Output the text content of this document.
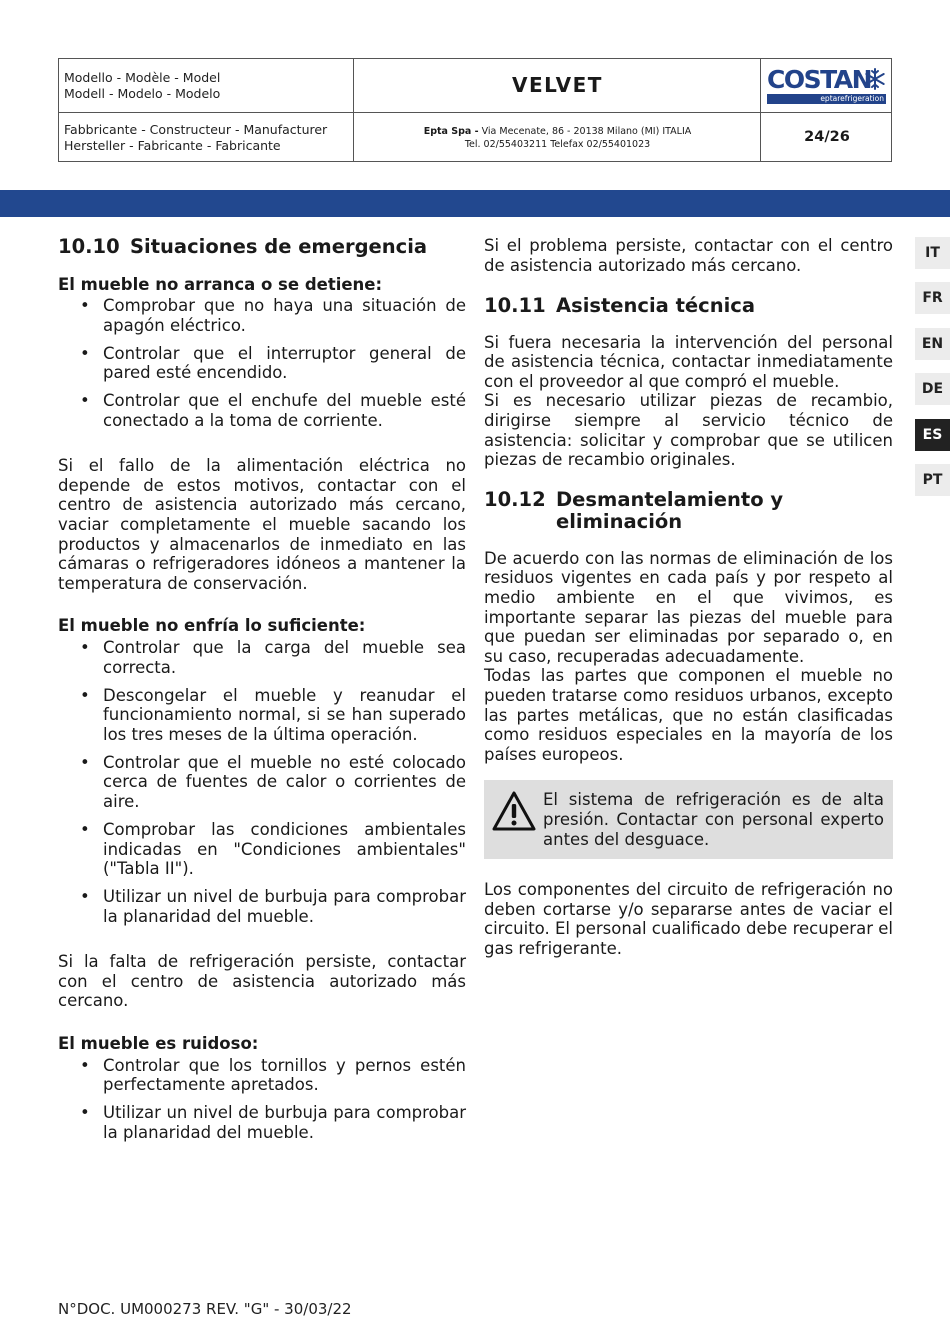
Modello - Modèle - Model
Modell - Modelo - Modelo
Fabbricante - Constructeur - Manufacturer
Hersteller - Fabricante - Fabricante
VELVET
Epta Spa - Via Mecenate, 86 - 20138 Milano (MI) ITALIA
Tel. 02/55403211 Telefax 02/55401023
COSTAN
eptarefrigeration
24/26
IT
FR
EN
DE
ES
PT
10.10 Situaciones de emergencia
El mueble no arranca o se detiene:
• Comprobar que no haya una situación de apagón eléctrico.
• Controlar que el interruptor general de pared esté encendido.
• Controlar que el enchufe del mueble esté conectado a la toma de corriente.

Si el fallo de la alimentación eléctrica no depende de estos motivos, contactar con el centro de asistencia autorizado más cercano, vaciar completamente el mueble sacando los productos y almacenarlos de inmediato en las cámaras o refrigeradores idóneos a mantener la temperatura de conservación.

El mueble no enfría lo suficiente:
• Controlar que la carga del mueble sea correcta.
• Descongelar el mueble y reanudar el funcionamiento normal, si se han superado los tres meses de la última operación.
• Controlar que el mueble no esté colocado cerca de fuentes de calor o corrientes de aire.
• Comprobar las condiciones ambientales indicadas en "Condiciones ambientales" ("Tabla II").
• Utilizar un nivel de burbuja para comprobar la planaridad del mueble.

Si la falta de refrigeración persiste, contactar con el centro de asistencia autorizado más cercano.

El mueble es ruidoso:
• Controlar que los tornillos y pernos estén perfectamente apretados.
• Utilizar un nivel de burbuja para comprobar la planaridad del mueble.

Si el problema persiste, contactar con el centro de asistencia autorizado más cercano.

10.11 Asistencia técnica

Si fuera necesaria la intervención del personal de asistencia técnica, contactar inmediatamente con el proveedor al que compró el mueble.

Si es necesario utilizar piezas de recambio, dirigirse siempre al servicio técnico de asistencia: solicitar y comprobar que se utilicen piezas de recambio originales.

10.12 Desmantelamiento y
eliminación

De acuerdo con las normas de eliminación de los residuos vigentes en cada país y por respeto al medio ambiente en el que vivimos, es importante separar las piezas del mueble para que puedan ser eliminadas por separado o, en su caso, recuperadas adecuadamente.

Todas las partes que componen el mueble no pueden tratarse como residuos urbanos, excepto las partes metálicas, que no están clasificadas como residuos especiales en la mayoría de los países europeos.

El sistema de refrigeración es de alta presión. Contactar con personal experto antes del desguace.

Los componentes del circuito de refrigeración no deben cortarse y/o separarse antes de vaciar el circuito. El personal cualificado debe recuperar el gas refrigerante.

N°DOC. UM000273 REV. "G" - 30/03/22
